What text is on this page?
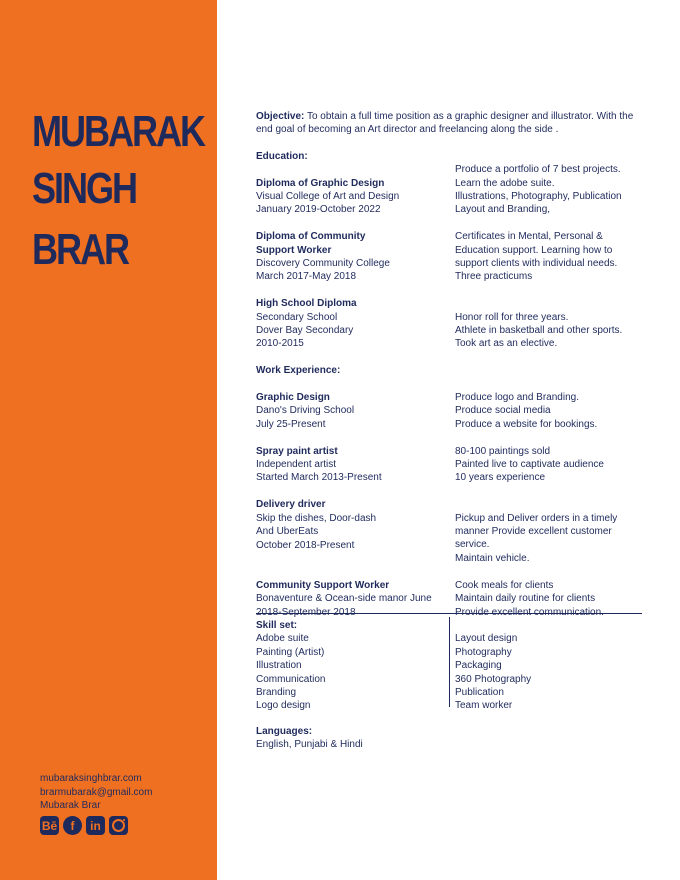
MUBARAK
SINGH
BRAR
mubaraksinghbrar.com
brarmubarak@gmail.com
Mubarak Brar
Bē	f	in
Objective: To obtain a full time position as a graphic designer and illustrator. With the end goal of becoming an Art director and freelancing along the side .
Education:
Diploma of Graphic Design
Visual College of Art and Design
January 2019-October 2022
Produce a portfolio of 7 best projects.
Learn the adobe suite.
Illustrations, Photography, Publication
Layout and Branding,
Diploma of Community
Support Worker
Discovery Community College
March 2017-May 2018
Certificates in Mental, Personal &
Education support. Learning how to
support clients with individual needs.
Three practicums
High School Diploma
Secondary School
Dover Bay Secondary
2010-2015
Honor roll for three years.
Athlete in basketball and other sports.
Took art as an elective.
Work Experience:
Graphic Design
Dano's Driving School
July 25-Present
Produce logo and Branding.
Produce social media
Produce a website for bookings.
Spray paint artist
Independent artist
Started March 2013-Present
80-100 paintings sold
Painted live to captivate audience
10 years experience
Delivery driver
Skip the dishes, Door-dash
And UberEats
October 2018-Present
Pickup and Deliver orders in a timely
manner Provide excellent customer service.
Maintain vehicle.
Community Support Worker
Bonaventure & Ocean-side manor June
2018-September 2018
Cook meals for clients
Maintain daily routine for clients
Provide excellent communication.
Skill set:
Adobe suite
Painting (Artist)
Illustration
Communication
Branding
Logo design
Layout design
Photography
Packaging
360 Photography
Publication
Team worker
Languages:
English, Punjabi & Hindi
